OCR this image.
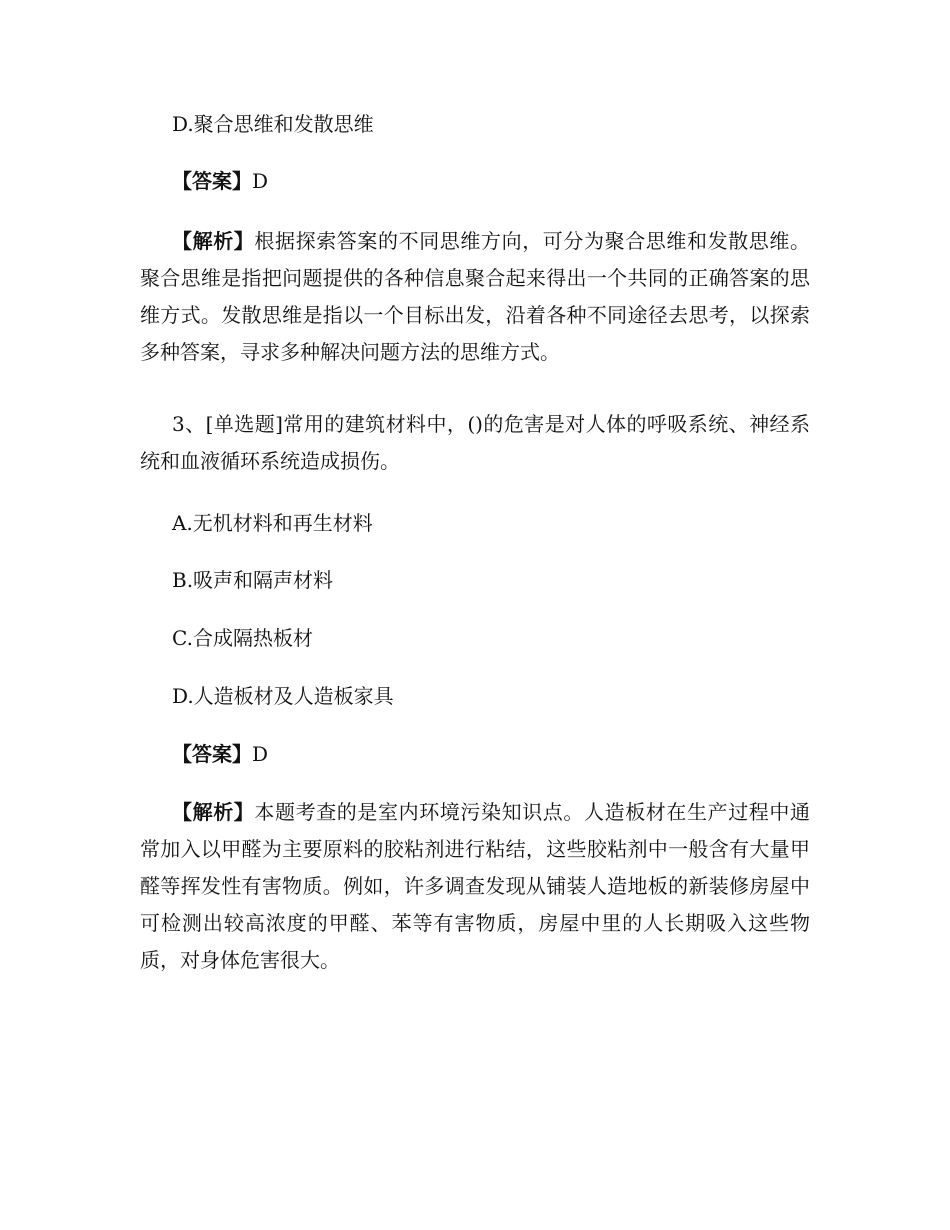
D.聚合思维和发散思维
【答案】D
【解析】根据探索答案的不同思维方向，可分为聚合思维和发散思维。聚合思维是指把问题提供的各种信息聚合起来得出一个共同的正确答案的思维方式。发散思维是指以一个目标出发，沿着各种不同途径去思考，以探索多种答案，寻求多种解决问题方法的思维方式。
3、[单选题]常用的建筑材料中，()的危害是对人体的呼吸系统、神经系统和血液循环系统造成损伤。
A.无机材料和再生材料
B.吸声和隔声材料
C.合成隔热板材
D.人造板材及人造板家具
【答案】D
【解析】本题考查的是室内环境污染知识点。人造板材在生产过程中通常加入以甲醛为主要原料的胶粘剂进行粘结，这些胶粘剂中一般含有大量甲醛等挥发性有害物质。例如，许多调查发现从铺装人造地板的新装修房屋中可检测出较高浓度的甲醛、苯等有害物质，房屋中里的人长期吸入这些物质，对身体危害很大。
